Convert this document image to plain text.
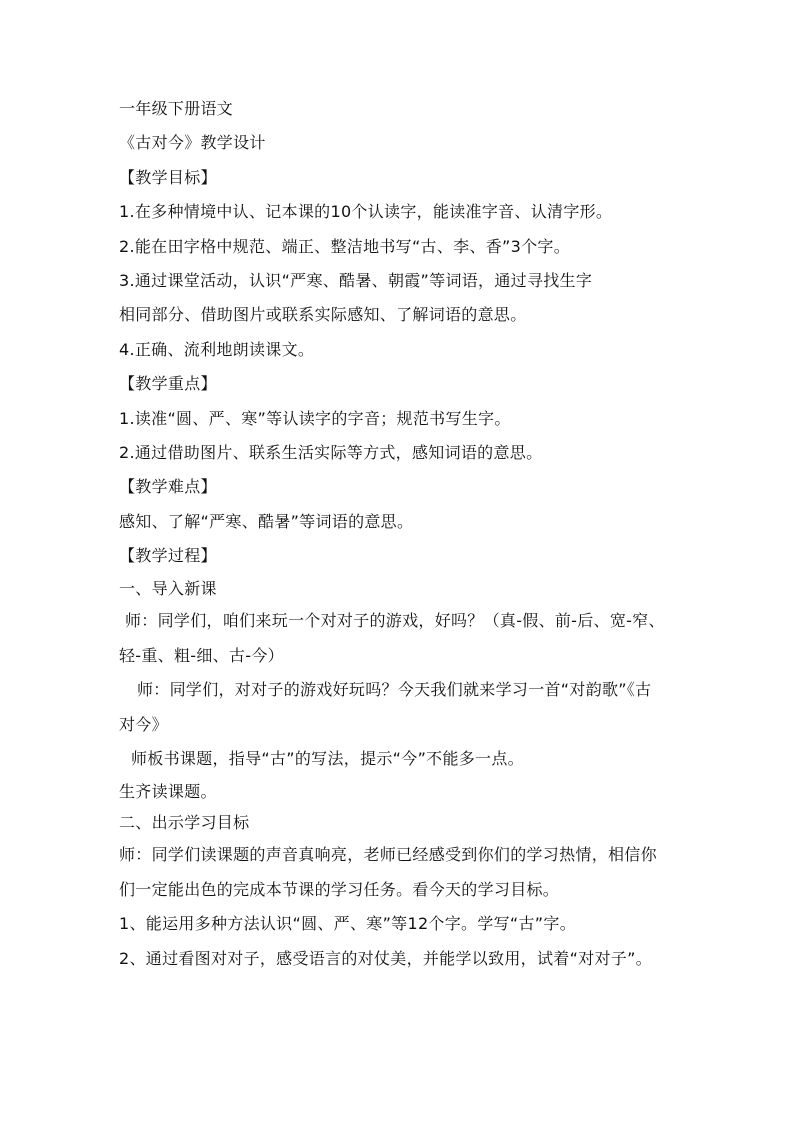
一年级下册语文
《古对今》教学设计
【教学目标】
1.在多种情境中认、记本课的10个认读字，能读准字音、认清字形。
2.能在田字格中规范、端正、整洁地书写“古、李、香”3个字。
3.通过课堂活动，认识“严寒、酷暑、朝霞”等词语，通过寻找生字
相同部分、借助图片或联系实际感知、了解词语的意思。
4.正确、流利地朗读课文。
【教学重点】
1.读准“圆、严、寒”等认读字的字音；规范书写生字。
2.通过借助图片、联系生活实际等方式，感知词语的意思。
【教学难点】
感知、了解“严寒、酷暑”等词语的意思。
【教学过程】
一、导入新课
师：同学们，咱们来玩一个对对子的游戏，好吗？（真-假、前-后、宽-窄、
轻-重、粗-细、古-今）
师：同学们，对对子的游戏好玩吗？今天我们就来学习一首“对韵歌”《古
对今》
师板书课题，指导“古”的写法，提示“今”不能多一点。
生齐读课题。
二、出示学习目标
师：同学们读课题的声音真响亮，老师已经感受到你们的学习热情，相信你
们一定能出色的完成本节课的学习任务。看今天的学习目标。
1、能运用多种方法认识“圆、严、寒”等12个字。学写“古”字。
2、通过看图对对子，感受语言的对仗美，并能学以致用，试着“对对子”。
